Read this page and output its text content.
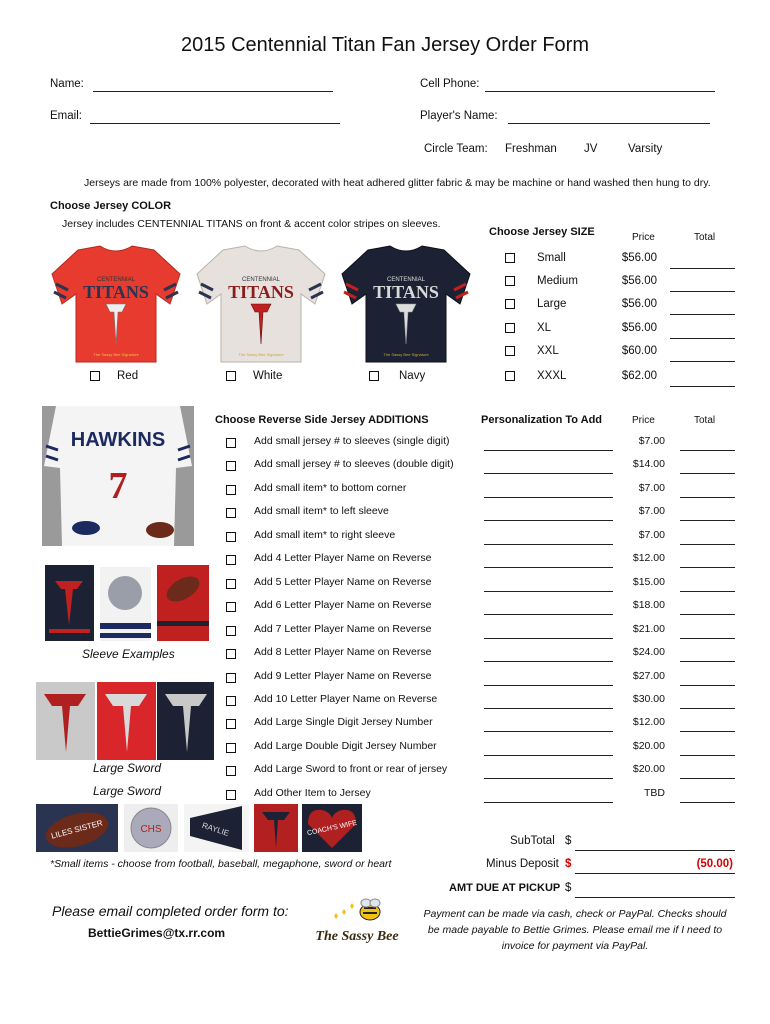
2015 Centennial Titan Fan Jersey Order Form
Name:	Cell Phone:
Email:	Player's Name:
Circle Team: Freshman JV	Varsity
Jerseys are made from 100% polyester, decorated with heat adhered glitter fabric & may be machine or hand washed then hung to dry.
Choose Jersey COLOR
Jersey includes CENTENNIAL TITANS on front & accent color stripes on sleeves.
CENTENNIAL
TITANS
The Sassy Bee Signature
CENTENNIAL
TITANS
The Sassy Bee Signature
CENTENNIAL
TITANS
The Sassy Bee Signature
Red	White	Navy
Choose Jersey SIZE	Price	Total
Small	$56.00
Medium	$56.00
Large	$56.00
XL	$56.00
XXL	$60.00
XXXL	$62.00
HAWKINS
7
Sleeve Examples
Large Sword
Large Sword
LILES SISTER	CHS	RAYLIE	COACH'S WIFE
*Small items - choose from football, baseball, megaphone, sword or heart
Choose Reverse Side Jersey ADDITIONS	Personalization To Add	Price	Total
Add small jersey # to sleeves (single digit)	$7.00
Add small jersey # to sleeves (double digit)	$14.00
Add small item* to bottom corner	$7.00
Add small item* to left sleeve	$7.00
Add small item* to right sleeve	$7.00
Add 4 Letter Player Name on Reverse	$12.00
Add 5 Letter Player Name on Reverse	$15.00
Add 6 Letter Player Name on Reverse	$18.00
Add 7 Letter Player Name on Reverse	$21.00
Add 8 Letter Player Name on Reverse	$24.00
Add 9 Letter Player Name on Reverse	$27.00
Add 10 Letter Player Name on Reverse	$30.00
Add Large Single Digit Jersey Number	$12.00
Add Large Double Digit Jersey Number	$20.00
Add Large Sword to front or rear of jersey	$20.00
Add Other Item to Jersey	TBD
SubTotal $
Minus Deposit $	(50.00)
AMT DUE AT PICKUP $
Please email completed order form to:
BettieGrimes@tx.rr.com	The Sassy Bee
Payment can be made via cash, check or PayPal. Checks should be made payable to Bettie Grimes. Please email me if I need to invoice for payment via PayPal.
